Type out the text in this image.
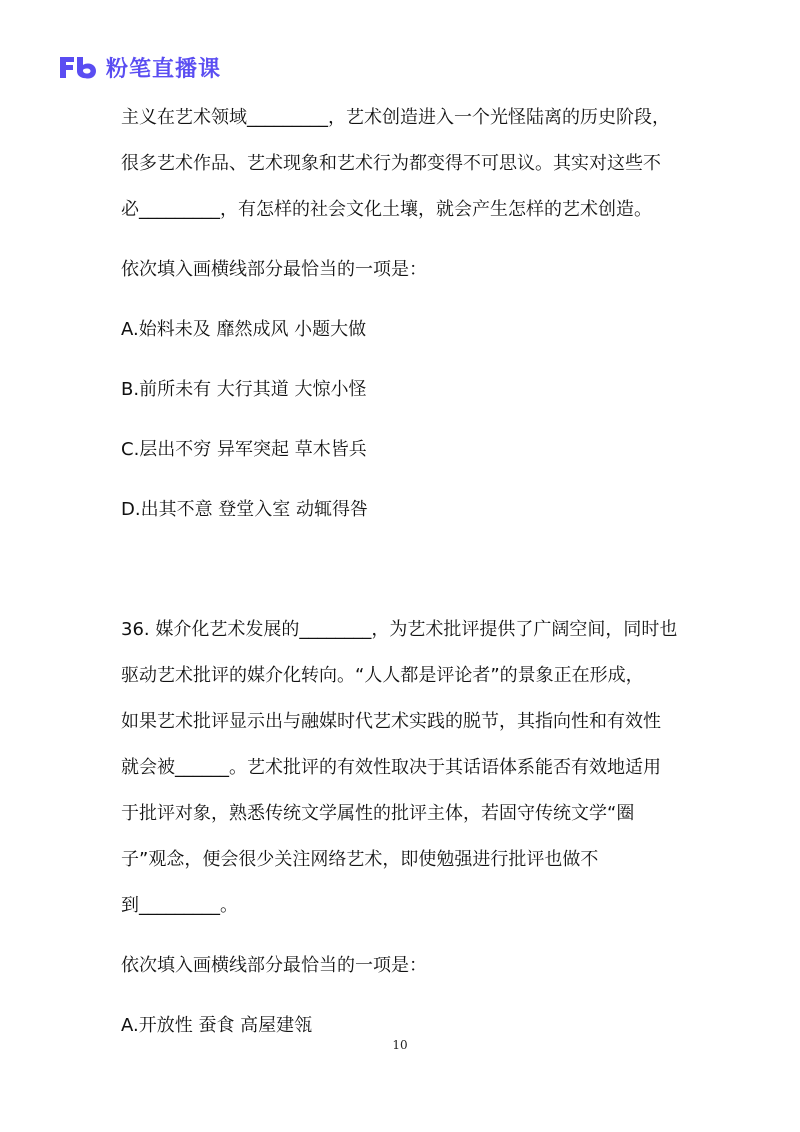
粉笔直播课

主义在艺术领域_________，艺术创造进入一个光怪陆离的历史阶段，

很多艺术作品、艺术现象和艺术行为都变得不可思议。其实对这些不

必_________，有怎样的社会文化土壤，就会产生怎样的艺术创造。

依次填入画横线部分最恰当的一项是：

A.始料未及 靡然成风 小题大做

B.前所未有 大行其道 大惊小怪

C.层出不穷 异军突起 草木皆兵

D.出其不意 登堂入室 动辄得咎

36. 媒介化艺术发展的________，为艺术批评提供了广阔空间，同时也

驱动艺术批评的媒介化转向。“人人都是评论者”的景象正在形成，

如果艺术批评显示出与融媒时代艺术实践的脱节，其指向性和有效性

就会被______。艺术批评的有效性取决于其话语体系能否有效地适用

于批评对象，熟悉传统文学属性的批评主体，若固守传统文学“圈

子”观念，便会很少关注网络艺术，即使勉强进行批评也做不

到_________。

依次填入画横线部分最恰当的一项是：

A.开放性 蚕食 高屋建瓴

10
